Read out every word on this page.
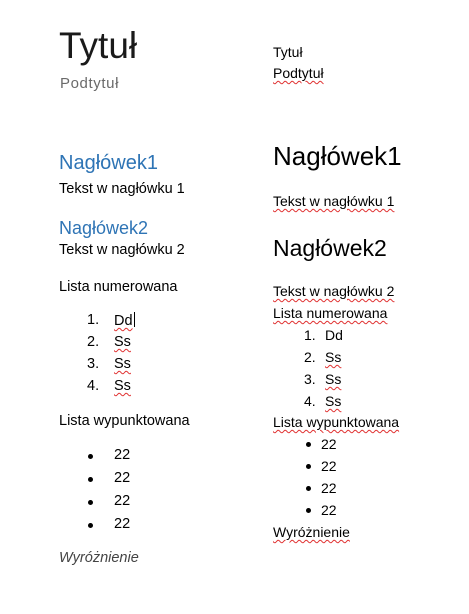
Tytuł
Podtytuł
Nagłówek1
Tekst w nagłówku 1
Nagłówek2
Tekst w nagłówku 2
Lista numerowana
1. Dd
2. Ss
3. Ss
4. Ss
Lista wypunktowana
22
22
22
22
Wyróżnienie
Tytuł
Podtytuł
Nagłówek1
Tekst w nagłówku 1
Nagłówek2
Tekst w nagłówku 2
Lista numerowana
1. Dd
2. Ss
3. Ss
4. Ss
Lista wypunktowana
22
22
22
22
Wyróżnienie
